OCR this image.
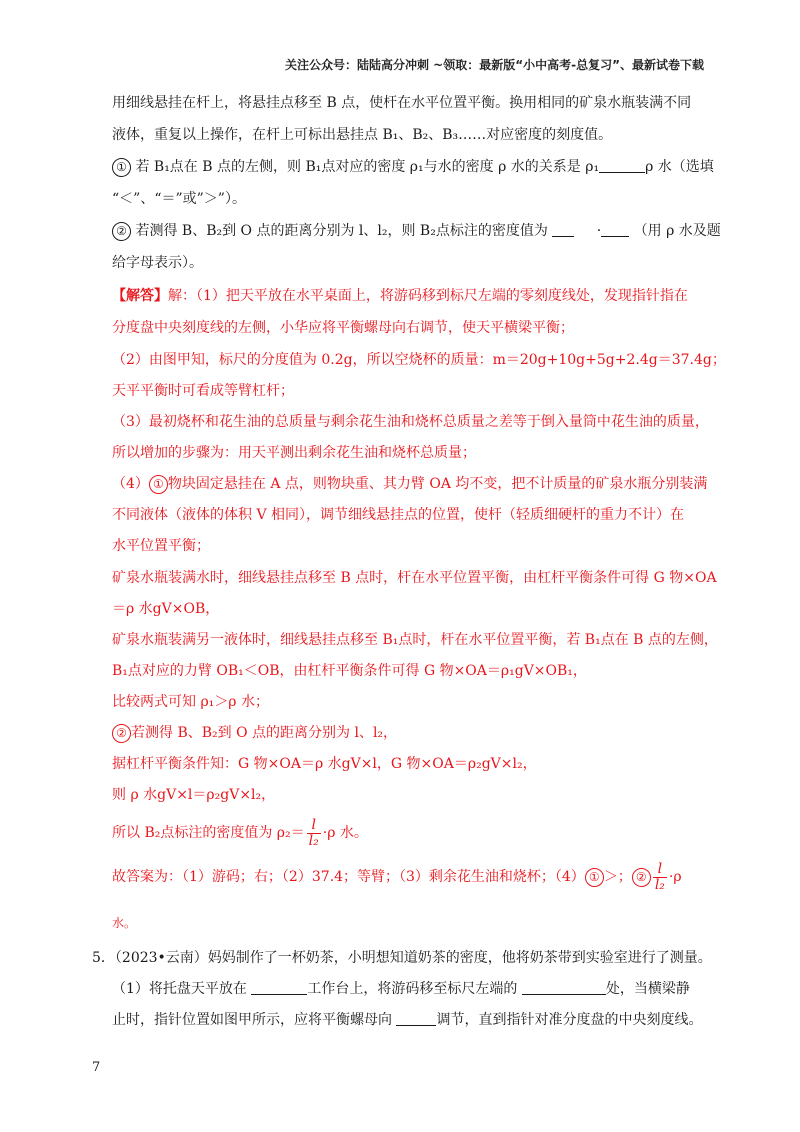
关注公众号：陆陆高分冲刺 ~领取：最新版“小中高考-总复习”、最新试卷下载
用细线悬挂在杆上，将悬挂点移至 B 点，使杆在水平位置平衡。换用相同的矿泉水瓶装满不同
液体，重复以上操作，在杆上可标出悬挂点 B₁、B₂、B₃……对应密度的刻度值。
① 若 B₁点在 B 点的左侧，则 B₁点对应的密度 ρ₁与水的密度 ρ 水的关系是 ρ₁	ρ 水（选填
“＜”、“＝”或”＞”）。
② 若测得 B、B₂到 O 点的距离分别为 l、l₂，则 B₂点标注的密度值为	· （用 ρ 水及题
给字母表示）。
【解答】解：（1）把天平放在水平桌面上，将游码移到标尺左端的零刻度线处，发现指针指在
分度盘中央刻度线的左侧，小华应将平衡螺母向右调节，使天平横梁平衡；
（2）由图甲知，标尺的分度值为 0.2g，所以空烧杯的质量：m＝20g+10g+5g+2.4g＝37.4g；
天平平衡时可看成等臂杠杆；
（3）最初烧杯和花生油的总质量与剩余花生油和烧杯总质量之差等于倒入量筒中花生油的质量，
所以增加的步骤为：用天平测出剩余花生油和烧杯总质量；
（4） ① 物块固定悬挂在 A 点，则物块重、其力臂 OA 均不变，把不计质量的矿泉水瓶分别装满
不同液体（液体的体积 V 相同），调节细线悬挂点的位置，使杆（轻质细硬杆的重力不计）在
水平位置平衡；
矿泉水瓶装满水时，细线悬挂点移至 B 点时，杆在水平位置平衡，由杠杆平衡条件可得 G 物×OA
＝ρ 水gV×OB，
矿泉水瓶装满另一液体时，细线悬挂点移至 B₁点时，杆在水平位置平衡，若 B₁点在 B 点的左侧，
B₁点对应的力臂 OB₁＜OB，由杠杆平衡条件可得 G 物×OA＝ρ₁gV×OB₁，
比较两式可知 ρ₁＞ρ 水；
② 若测得 B、B₂到 O 点的距离分别为 l、l₂，
据杠杆平衡条件知：G 物×OA＝ρ 水gV×l，G 物×OA＝ρ₂gV×l₂，
则 ρ 水gV×l＝ρ₂gV×l₂，
所以 B₂点标注的密度值为 $\rho_2= \frac{l}{\text{l₂}} \cdot\rho$ 水。
故答案为：（1）游码；右；（2）37.4；等臂；（3）剩余花生油和烧杯；（4） ① ＞； ② $\frac{l}{\text{l₂}} \cdot\rho$
水。
5．（2023•云南）妈妈制作了一杯奶茶，小明想知道奶茶的密度，他将奶茶带到实验室进行了测量。
（1）将托盘天平放在	工作台上，将游码移至标尺左端的	处，当横梁静
止时，指针位置如图甲所示，应将平衡螺母向	调节，直到指针对准分度盘的中央刻度线。
7
